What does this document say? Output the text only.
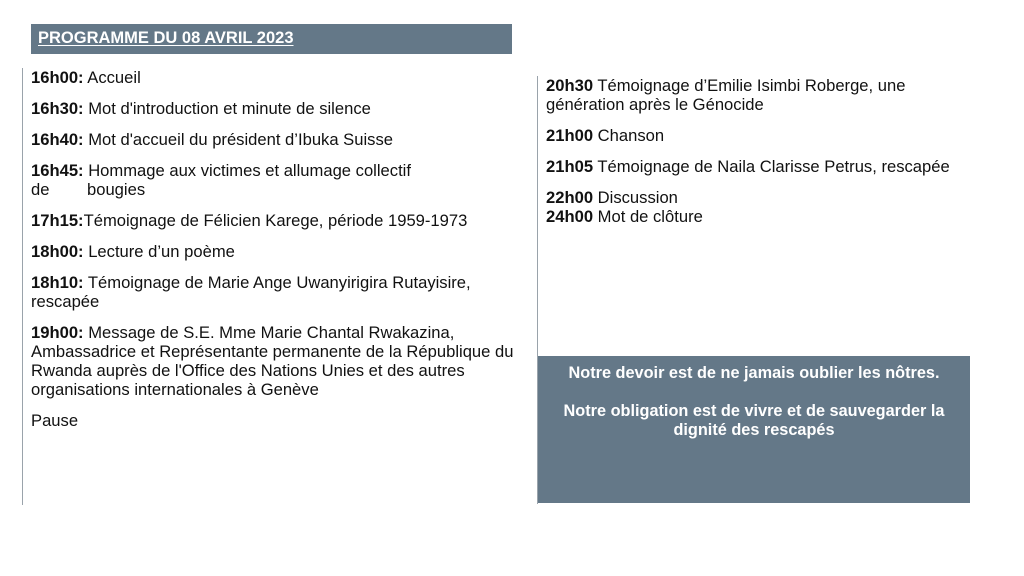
PROGRAMME DU 08 AVRIL 2023

16h00: Accueil

16h30: Mot d'introduction et minute de silence

16h40: Mot d'accueil du président d’Ibuka Suisse

16h45: Hommage aux victimes et allumage collectif
de bougies

17h15:Témoignage de Félicien Karege, période 1959-1973

18h00: Lecture d’un poème

18h10: Témoignage de Marie Ange Uwanyirigira Rutayisire, rescapée

19h00: Message de S.E. Mme Marie Chantal Rwakazina, Ambassadrice et Représentante permanente de la République du Rwanda auprès de l'Office des Nations Unies et des autres organisations internationales à Genève

Pause

20h30 Témoignage d’Emilie Isimbi Roberge, une génération après le Génocide

21h00 Chanson

21h05 Témoignage de Naila Clarisse Petrus, rescapée

22h00 Discussion

24h00 Mot de clôture

Notre devoir est de ne jamais oublier les nôtres.

Notre obligation est de vivre et de sauvegarder la

dignité des rescapés
